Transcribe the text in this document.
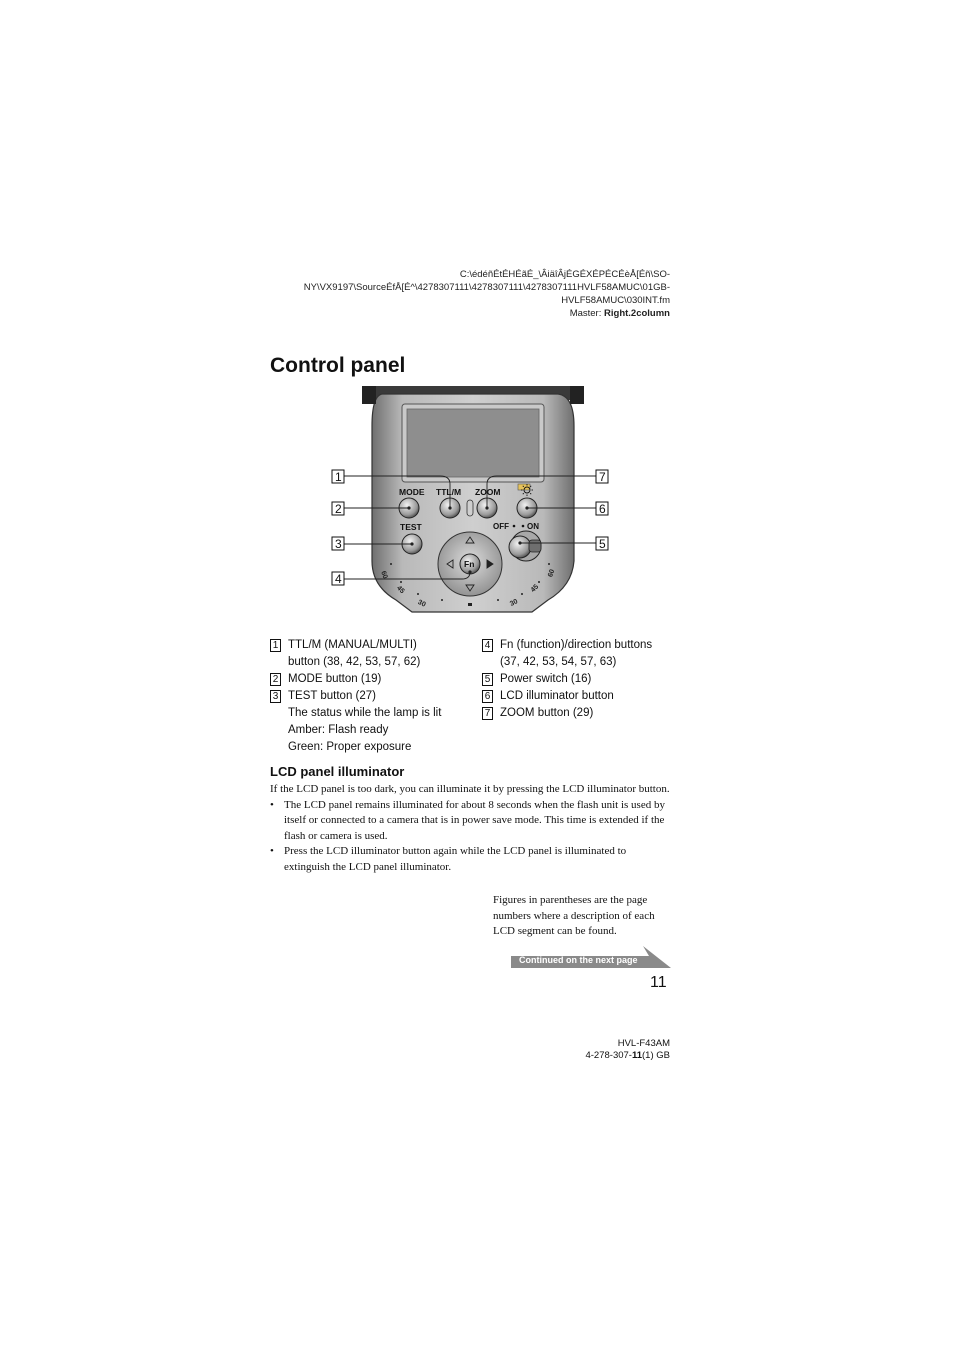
C:\édéñÉtÉHÉãÉ_\ÂiäîÂjÉGÉXÉPÉCÉèÅ[Éñ\SO-
NY\VX9197\SourceÉfÅ[É^\4278307111\4278307111\4278307111HVLF58AMUC\01GB-
HVLF58AMUC\030INT.fm
Master: Right.2column
Control panel
MODE TTL/M ZOOM
TEST	OFF ON
Fn
60
45
30	30
45
60
1
2
3
4
7
6
5
1 TTL/M (MANUAL/MULTI)
button (38, 42, 53, 57, 62)
2 MODE button (19)
3 TEST button (27)
The status while the lamp is lit
Amber: Flash ready
Green: Proper exposure
4 Fn (function)/direction buttons
(37, 42, 53, 54, 57, 63)
5 Power switch (16)
6 LCD illuminator button
7 ZOOM button (29)
LCD panel illuminator

If the LCD panel is too dark, you can illuminate it by pressing the LCD illuminator button.

• The LCD panel remains illuminated for about 8 seconds when the flash unit is used by itself or connected to a camera that is in power save mode. This time is extended if the flash or camera is used.
• Press the LCD illuminator button again while the LCD panel is illuminated to extinguish the LCD panel illuminator.
Figures in parentheses are the page numbers where a description of each LCD segment can be found.
Continued on the next page
11
HVL-F43AM
4-278-307-11(1) GB
